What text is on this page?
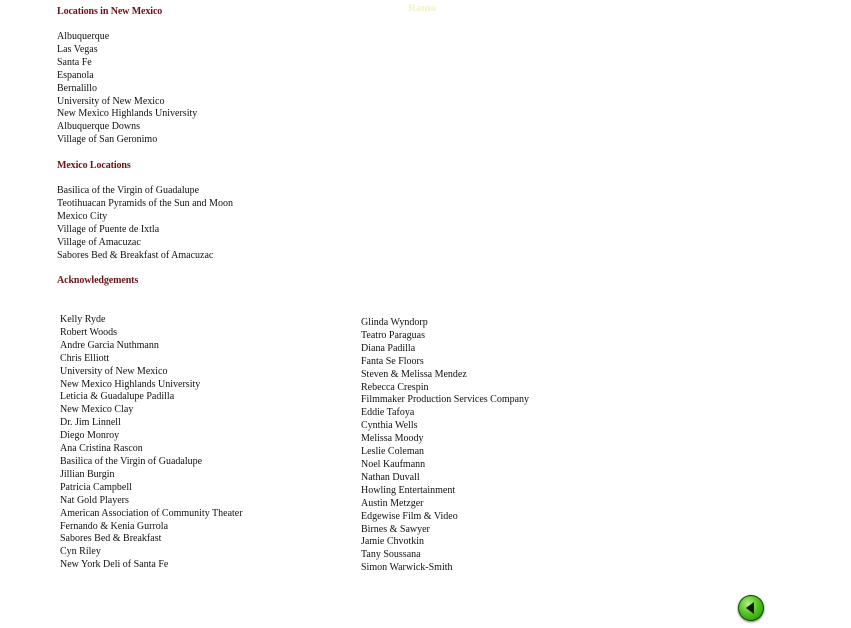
Ramo
Locations in New Mexico
Albuquerque
Las Vegas
Santa Fe
Espanola
Bernalillo
University of New Mexico
New Mexico Highlands University
Albuquerque Downs
Village of San Geronimo
Mexico Locations
Basilica of the Virgin of Guadalupe
Teotihuacan Pyramids of the Sun and Moon
Mexico City
Village of Puente de Ixtla
Village of Amacuzac
Sabores Bed & Breakfast of Amacuzac
Acknowledgements
Kelly Ryde
Robert Woods
Andre Garcia Nuthmann
Chris Elliott
University of New Mexico
New Mexico Highlands University
Leticia & Guadalupe Padilla
New Mexico Clay
Dr. Jim Linnell
Diego Monroy
Ana Cristina Rascon
Basilica of the Virgin of Guadalupe
Jillian Burgin
Patricia Campbell
Nat Gold Players
American Association of Community Theater
Fernando & Kenia Gurrola
Sabores Bed & Breakfast
Cyn Riley
New York Deli of Santa Fe
Glinda Wyndorp
Teatro Paraguas
Diana Padilla
Fanta Se Floors
Steven & Melissa Mendez
Rebecca Crespin
Filmmaker Production Services Company
Eddie Tafoya
Cynthia Wells
Melissa Moody
Leslie Coleman
Noel Kaufmann
Nathan Duvall
Howling Entertainment
Austin Metzger
Edgewise Film & Video
Birnes & Sawyer
Jamie Chvotkin
Tany Soussana
Simon Warwick-Smith
